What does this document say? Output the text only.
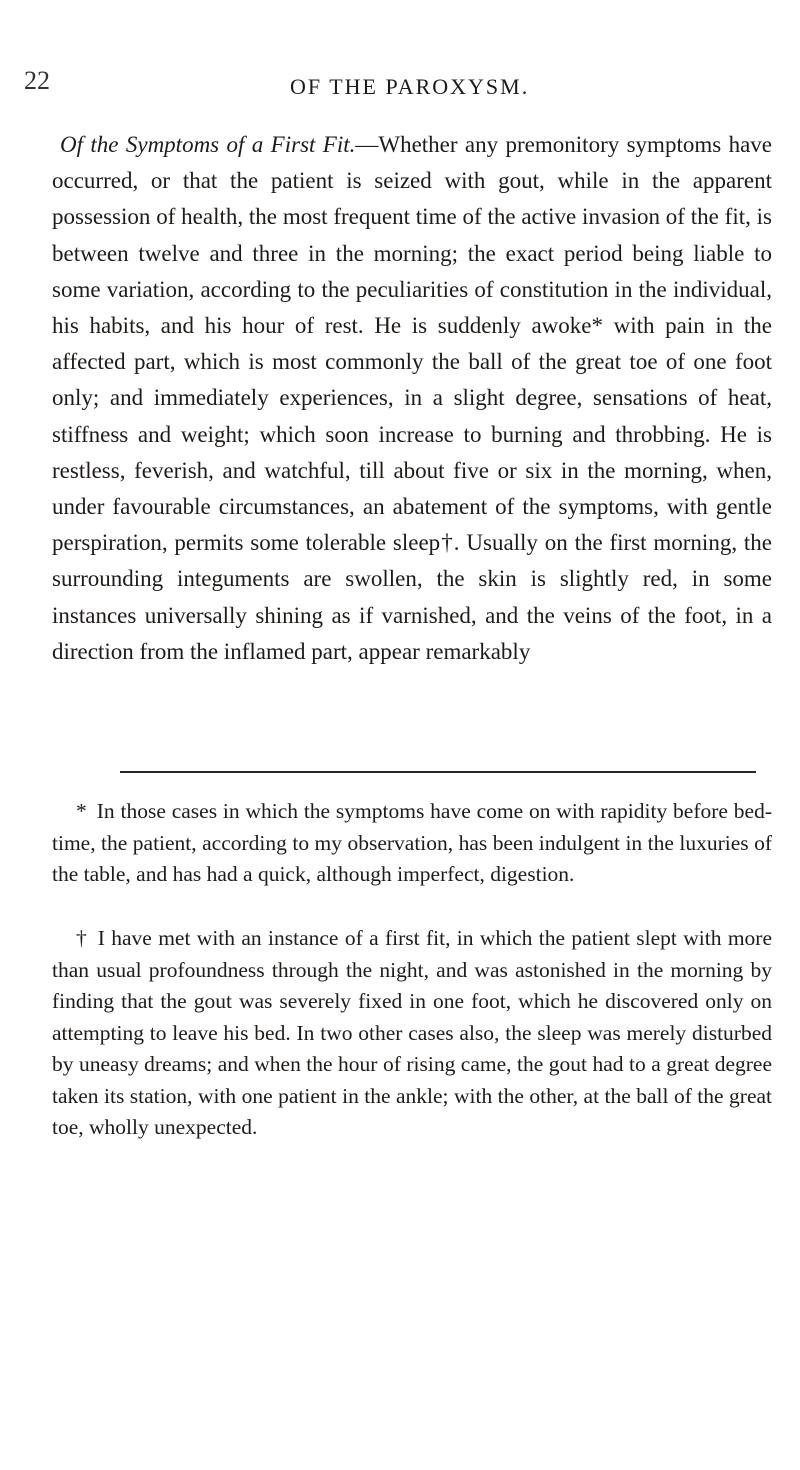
22	OF THE PAROXYSM.

Of the Symptoms of a First Fit.—Whether any premonitory symptoms have occurred, or that the patient is seized with gout, while in the apparent possession of health, the most frequent time of the active invasion of the fit, is between twelve and three in the morning; the exact period being liable to some variation, according to the peculiarities of constitution in the individual, his habits, and his hour of rest. He is suddenly awoke* with pain in the affected part, which is most commonly the ball of the great toe of one foot only; and immediately experiences, in a slight degree, sensations of heat, stiffness and weight; which soon increase to burning and throbbing. He is restless, feverish, and watchful, till about five or six in the morning, when, under favourable circumstances, an abatement of the symptoms, with gentle perspiration, permits some tolerable sleep†. Usually on the first morning, the surrounding integuments are swollen, the skin is slightly red, in some instances universally shining as if varnished, and the veins of the foot, in a direction from the inflamed part, appear remarkably

* In those cases in which the symptoms have come on with rapidity before bed-time, the patient, according to my observation, has been indulgent in the luxuries of the table, and has had a quick, although imperfect, digestion.

† I have met with an instance of a first fit, in which the patient slept with more than usual profoundness through the night, and was astonished in the morning by finding that the gout was severely fixed in one foot, which he discovered only on attempting to leave his bed. In two other cases also, the sleep was merely disturbed by uneasy dreams; and when the hour of rising came, the gout had to a great degree taken its station, with one patient in the ankle; with the other, at the ball of the great toe, wholly unexpected.
